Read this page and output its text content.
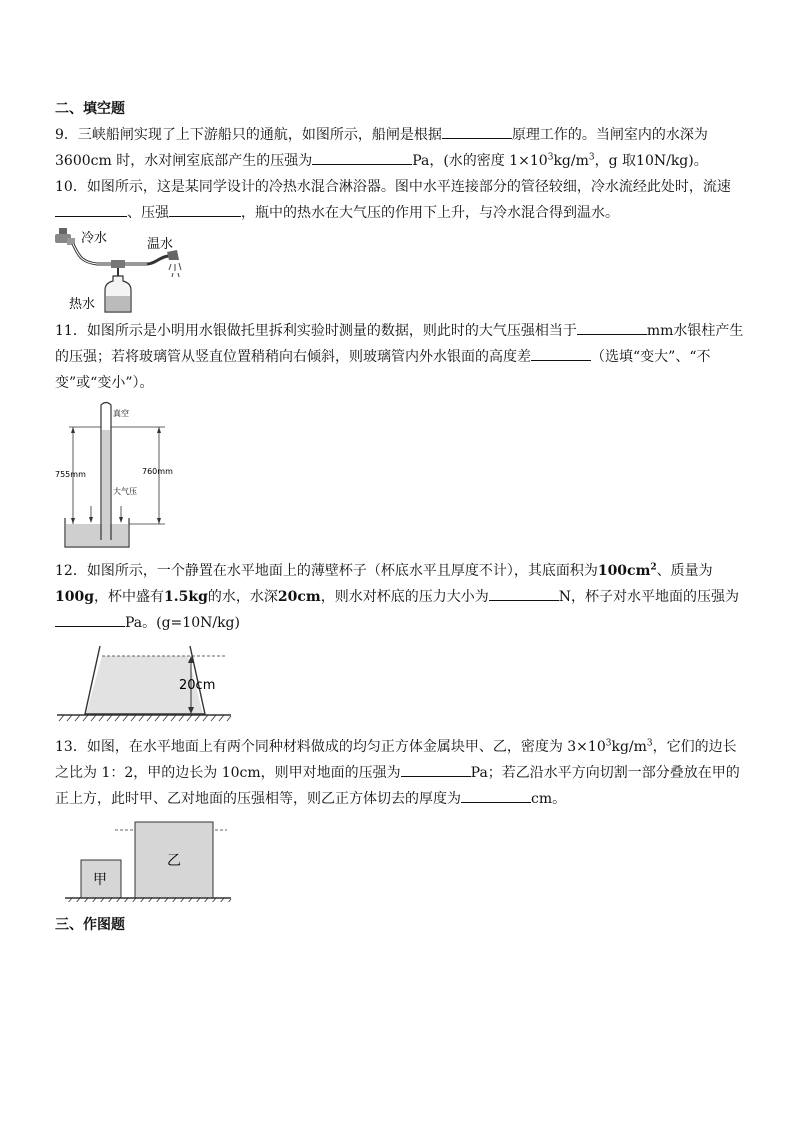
二、填空题

9．三峡船闸实现了上下游船只的通航，如图所示，船闸是根据	原理工作的。当闸室内的水深为 3600cm 时，水对闸室底部产生的压强为	Pa，(水的密度 $1\times 10^3kg/m^3$，g 取10N/kg)。

10．如图所示，这是某同学设计的冷热水混合淋浴器。图中水平连接部分的管径较细，冷水流经此处时，流速、压强	，瓶中的热水在大气压的作用下上升，与冷水混合得到温水。

冷水	温水
热水

11．如图所示是小明用水银做托里拆利实验时测量的数据，则此时的大气压强相当于	mm水银柱产生的压强；若将玻璃管从竖直位置稍稍向右倾斜，则玻璃管内外水银面的高度差	（选填“变大”、“不变”或“变小”）。

真空
755mm	760mm
大气压

12．如图所示，一个静置在水平地面上的薄壁杯子（杯底水平且厚度不计），其底面积为$100cm^2$、质量为100g，杯中盛有1.5kg的水，水深20cm，则水对杯底的压力大小为	N，杯子对水平地面的压强为Pa。(g=10N/kg)

20cm

13．如图，在水平地面上有两个同种材料做成的均匀正方体金属块甲、乙，密度为 $3\times 10^3kg/m^3$，它们的边长之比为 1：2，甲的边长为 10cm，则甲对地面的压强为	Pa；若乙沿水平方向切割一部分叠放在甲的正上方，此时甲、乙对地面的压强相等，则乙正方体切去的厚度为	cm。

甲
乙

三、作图题
